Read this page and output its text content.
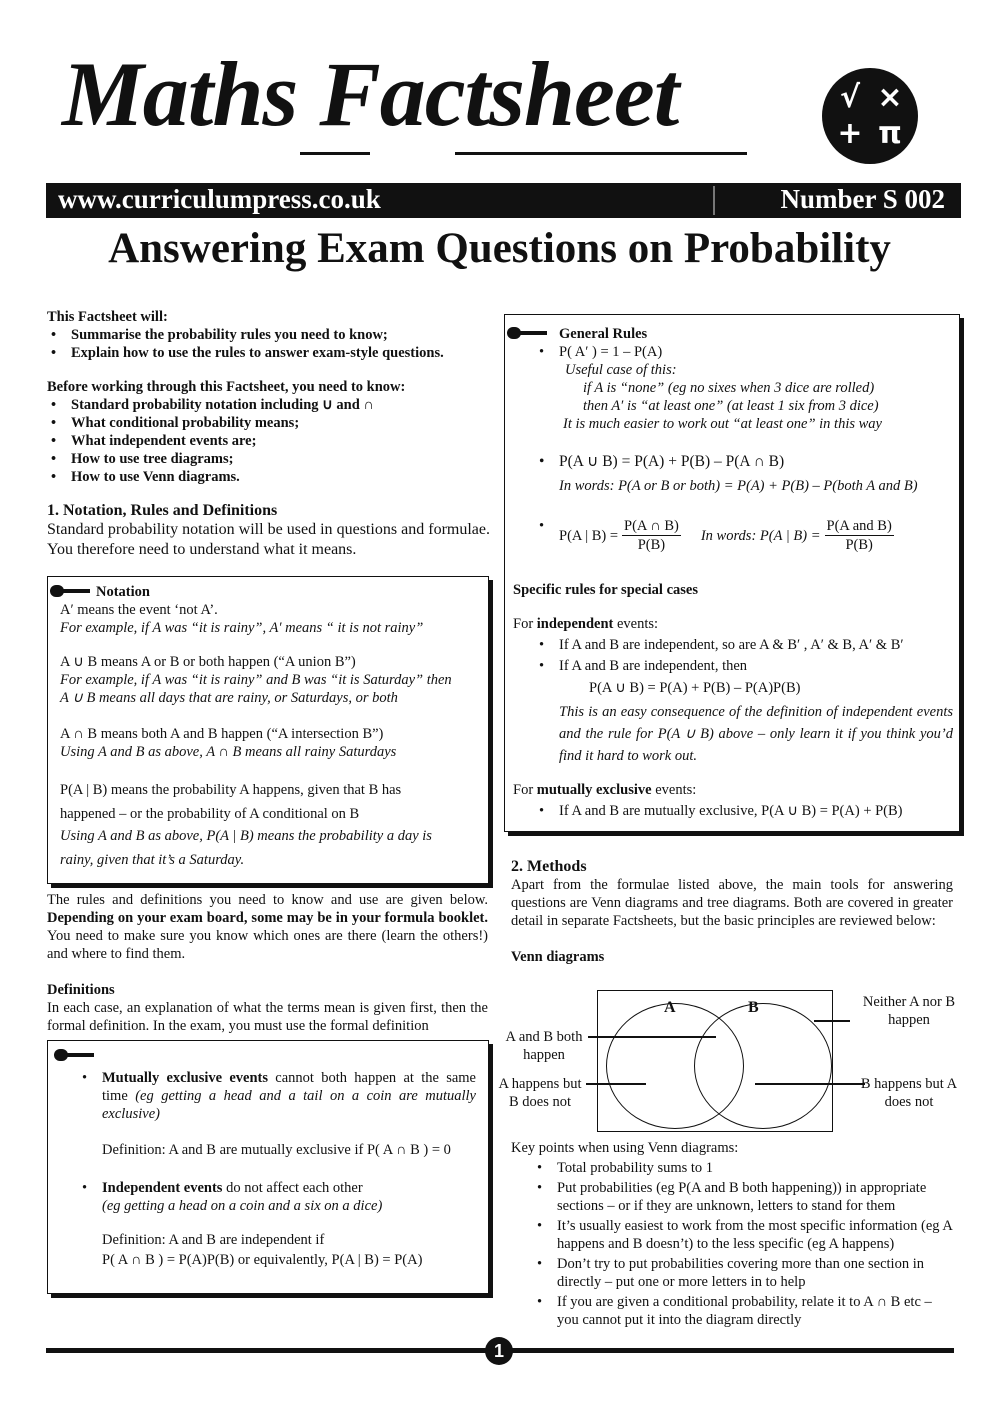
Maths Factsheet	√ ×
+ π
www.curriculumpress.co.uk	Number S 002
Answering Exam Questions on Probability

This Factsheet will:

• Summarise the probability rules you need to know;
• Explain how to use the rules to answer exam-style questions.

Before working through this Factsheet, you need to know:

• Standard probability notation including ∪ and ∩
• What conditional probability means;
• What independent events are;
• How to use tree diagrams;
• How to use Venn diagrams.

1. Notation, Rules and Definitions

Standard probability notation will be used in questions and formulae. You therefore need to understand what it means.

Notation

A′ means the event ‘not A’.

For example, if A was “it is rainy”, A′ means “ it is not rainy”

A ∪ B means A or B or both happen (“A union B”)

For example, if A was “it is rainy” and B was “it is Saturday” then

A ∪ B means all days that are rainy, or Saturdays, or both

A ∩ B means both A and B happen (“A intersection B”)

Using A and B as above, A ∩ B means all rainy Saturdays

P(A | B) means the probability A happens, given that B has

happened – or the probability of A conditional on B

Using A and B as above, P(A | B) means the probability a day is

rainy, given that it’s a Saturday.

The rules and definitions you need to know and use are given below. Depending on your exam board, some may be in your formula booklet. You need to make sure you know which ones are there (learn the others!) and where to find them.

Definitions

In each case, an explanation of what the terms mean is given first, then the formal definition. In the exam, you must use the formal definition

• Mutually exclusive events cannot both happen at the same time (eg getting a head and a tail on a coin are mutually exclusive)

Definition: A and B are mutually exclusive if P( A ∩ B ) = 0

• Independent events do not affect each other

(eg getting a head on a coin and a six on a dice)

Definition: A and B are independent if

P( A ∩ B ) = P(A)P(B) or equivalently, P(A | B) = P(A)

General Rules

• P( A′ ) = 1 – P(A)

Useful case of this:

if A is “none” (eg no sixes when 3 dice are rolled)

then A′ is “at least one” (at least 1 six from 3 dice)

It is much easier to work out “at least one” in this way

• P(A ∪ B) = P(A) + P(B) – P(A ∩ B)

In words: P(A or B or both) = P(A) + P(B) – P(both A and B)

• P(A | $B) = \frac{P(A \cap B)}{P(B)}$ In words: P(A | B) =
P(A and B)
P(B)

Specific rules for special cases

For independent events:

• If A and B are independent, so are A & B′ , A′ & B, A′ & B′
• If A and B are independent, then

P(A ∪ B) = P(A) + P(B) – P(A)P(B)

This is an easy consequence of the definition of independent events and the rule for P(A ∪ B) above – only learn it if you think you’d find it hard to work out.

For mutually exclusive events:

• If A and B are mutually exclusive, P(A ∪ B) = P(A) + P(B)

2. Methods

Apart from the formulae listed above, the main tools for answering questions are Venn diagrams and tree diagrams. Both are covered in greater detail in separate Factsheets, but the basic principles are reviewed below:

Venn diagrams

A	B
A and B both happen
A happens but B does not
Neither A nor B happen
B happens but A does not

Key points when using Venn diagrams:

• Total probability sums to 1
• Put probabilities (eg P(A and B both happening)) in appropriate sections – or if they are unknown, letters to stand for them
• It’s usually easiest to work from the most specific information (eg A happens and B doesn’t) to the less specific (eg A happens)
• Don’t try to put probabilities covering more than one section in directly – put one or more letters in to help
• If you are given a conditional probability, relate it to A ∩ B etc – you cannot put it into the diagram directly
1
